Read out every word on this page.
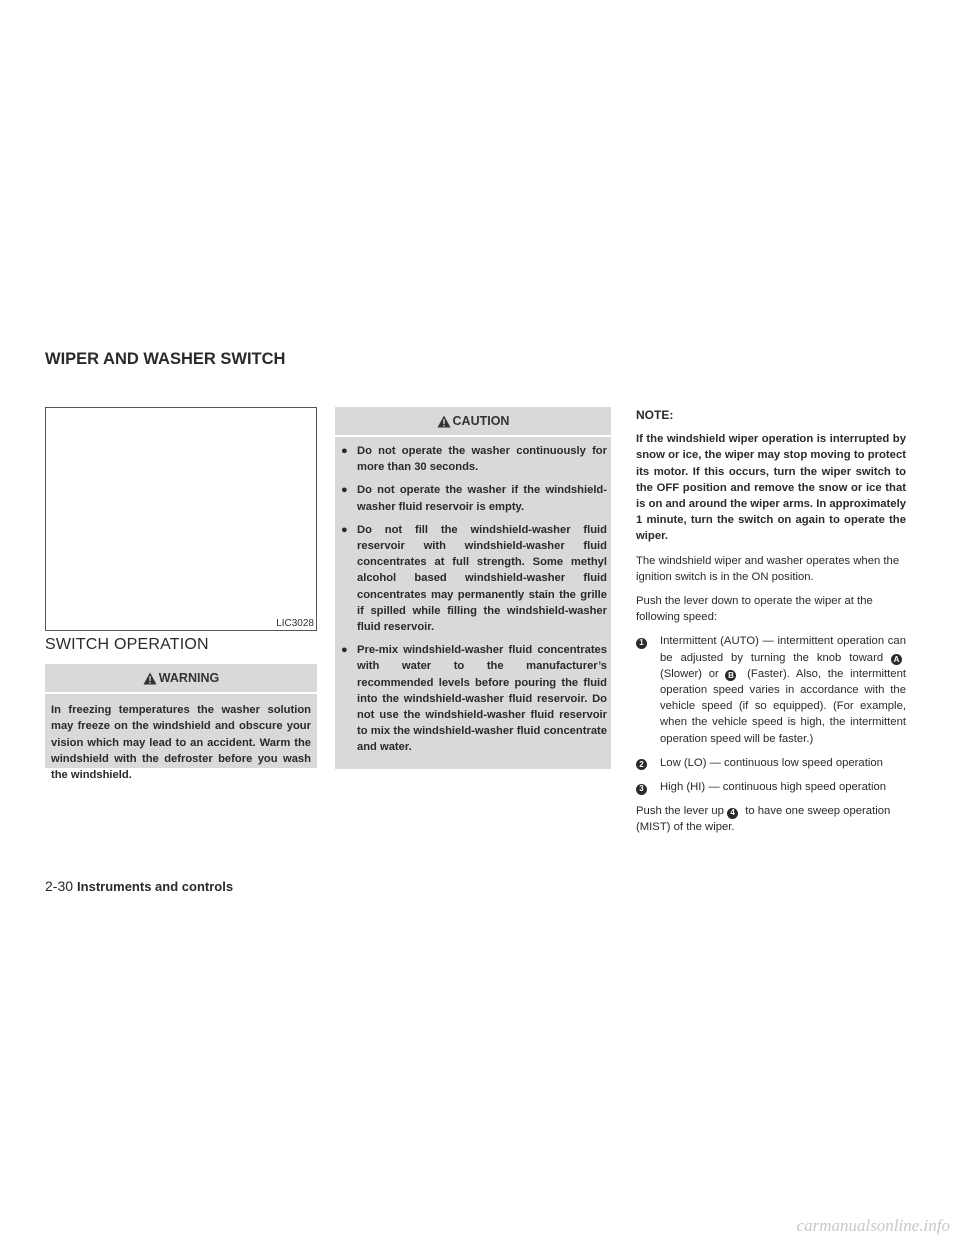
WIPER AND WASHER SWITCH
LIC3028
SWITCH OPERATION
WARNING
In freezing temperatures the washer solution may freeze on the windshield and obscure your vision which may lead to an accident. Warm the windshield with the defroster before you wash the windshield.
CAUTION
● Do not operate the washer continuously for more than 30 seconds.
● Do not operate the washer if the windshield-washer fluid reservoir is empty.
● Do not fill the windshield-washer fluid reservoir with windshield-washer fluid concentrates at full strength. Some methyl alcohol based windshield-washer fluid concentrates may permanently stain the grille if spilled while filling the windshield-washer fluid reservoir.
● Pre-mix windshield-washer fluid concentrates with water to the manufacturer’s recommended levels before pouring the fluid into the windshield-washer fluid reservoir. Do not use the windshield-washer fluid reservoir to mix the windshield-washer fluid concentrate and water.

NOTE:

If the windshield wiper operation is interrupted by snow or ice, the wiper may stop moving to protect its motor. If this occurs, turn the wiper switch to the OFF position and remove the snow or ice that is on and around the wiper arms. In approximately 1 minute, turn the switch on again to operate the wiper.

The windshield wiper and washer operates when the ignition switch is in the ON position.

Push the lever down to operate the wiper at the following speed:

1	Intermittent (AUTO) — intermittent operation can be adjusted by turning the knob toward A (Slower) or B (Faster). Also, the intermittent operation speed varies in accordance with the vehicle speed (if so equipped). (For example, when the vehicle speed is high, the intermittent operation speed will be faster.)
2	Low (LO) — continuous low speed operation
3	High (HI) — continuous high speed operation

Push the lever up 4 to have one sweep operation (MIST) of the wiper.

2-30 Instruments and controls
carmanualsonline.info
